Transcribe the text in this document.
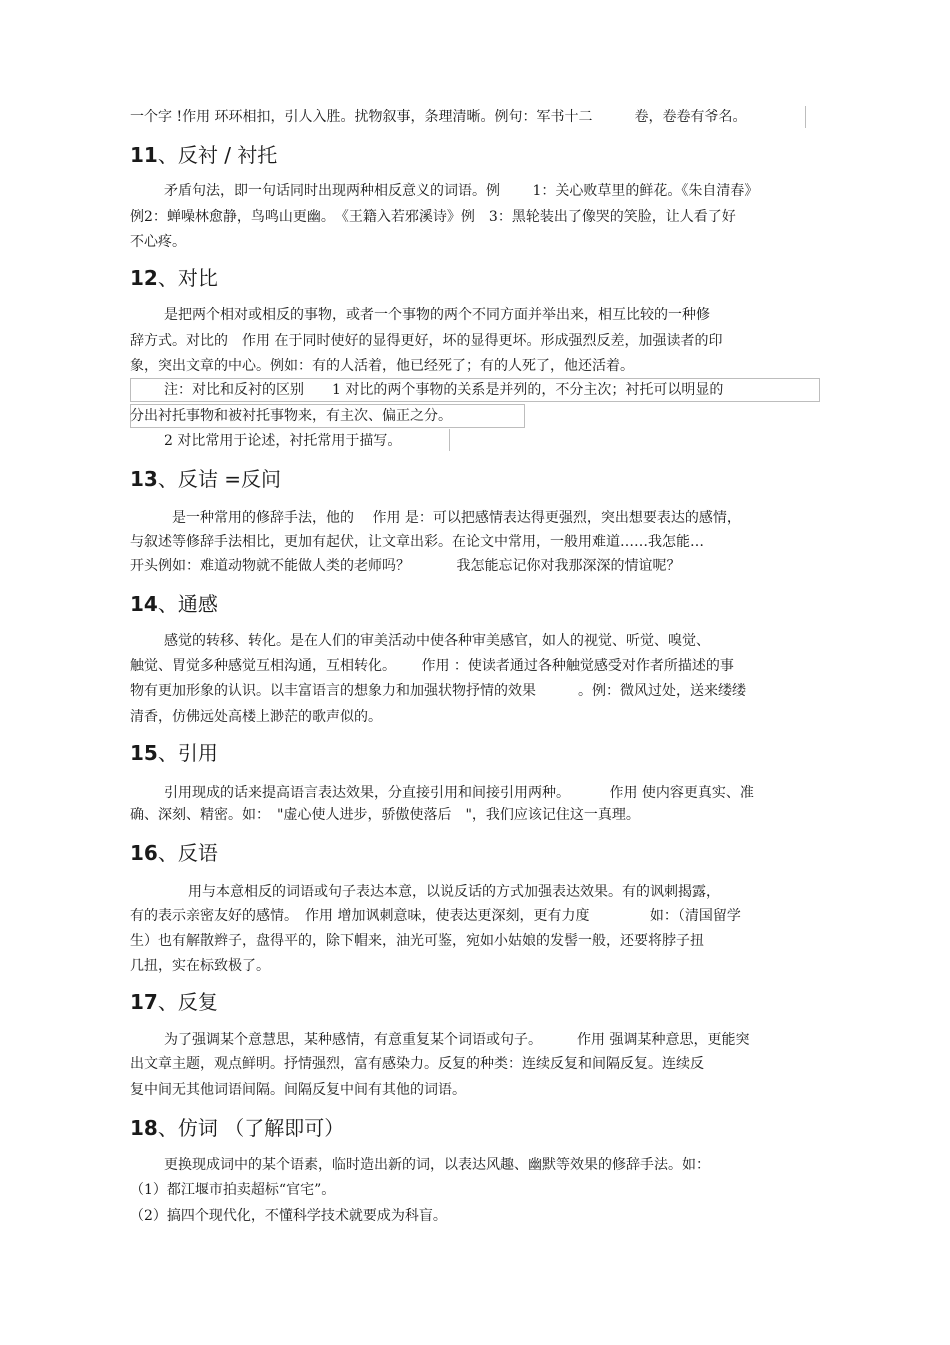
一个字 !作用 环环相扣，引人入胜。扰物叙事，条理清晰。例句：军书十二　　　卷，卷卷有爷名。
11、反衬 / 衬托
矛盾句法，即一句话同时出现两种相反意义的词语。例　　 1：关心败草里的鲜花。《朱自清春》
例2：蝉噪林愈静，鸟鸣山更幽。　《王籍入若邪溪诗》例　3：黑轮装出了像哭的笑脸，让人看了好
不心疼。
12、对比
是把两个相对或相反的事物，或者一个事物的两个不同方面并举出来，相互比较的一种修
辞方式。对比的　作用 在于同时使好的显得更好，坏的显得更坏。形成强烈反差，加强读者的印
象，突出文章的中心。例如：有的人活着，他已经死了；有的人死了，他还活着。
注：对比和反衬的区别　　1 对比的两个事物的关系是并列的，不分主次；衬托可以明显的
分出衬托事物和被衬托事物来，有主次、偏正之分。
2 对比常用于论述，衬托常用于描写。
13、反诘 =反问
是一种常用的修辞手法，他的　 作用 是：可以把感情表达得更强烈，突出想要表达的感情，
与叙述等修辞手法相比，更加有起伏，让文章出彩。在论文中常用，一般用难道……我怎能…
开头例如：难道动物就不能做人类的老师吗？　　　 我怎能忘记你对我那深深的情谊呢？
14、通感
感觉的转移、转化。是在人们的审美活动中使各种审美感官，如人的视觉、听觉、嗅觉、
触觉、胃觉多种感觉互相沟通，互相转化。　　 作用 ：使读者通过各种触觉感受对作者所描述的事
物有更加形象的认识。以丰富语言的想象力和加强状物抒情的效果　　　。例：微风过处，送来缕缕
清香，仿佛远处高楼上渺茫的歌声似的。
15、引用
引用现成的话来提高语言表达效果，分直接引用和间接引用两种。　　　 作用 使内容更真实、准
确、深刻、精密。如：　"虚心使人进步，骄傲使落后　"，我们应该记住这一真理。
16、反语
用与本意相反的词语或句子表达本意，以说反话的方式加强表达效果。有的讽刺揭露，
有的表示亲密友好的感情。　作用 增加讽刺意味，使表达更深刻，更有力度　　　　 如：（清国留学
生）也有解散辫子，盘得平的，除下帽来，油光可鉴，宛如小姑娘的发髻一般，还要将脖子扭
几扭，实在标致极了。
17、反复
为了强调某个意慧思，某种感情，有意重复某个词语或句子。　　　作用 强调某种意思，更能突
出文章主题，观点鲜明。抒情强烈，富有感染力。反复的种类：连续反复和间隔反复。连续反
复中间无其他词语间隔。间隔反复中间有其他的词语。
18、仿词 （了解即可）
更换现成词中的某个语素，临时造出新的词，以表达风趣、幽默等效果的修辞手法。如：
（1）都江堰市拍卖超标“官宅”。
（2）搞四个现代化，不懂科学技术就要成为科盲。
